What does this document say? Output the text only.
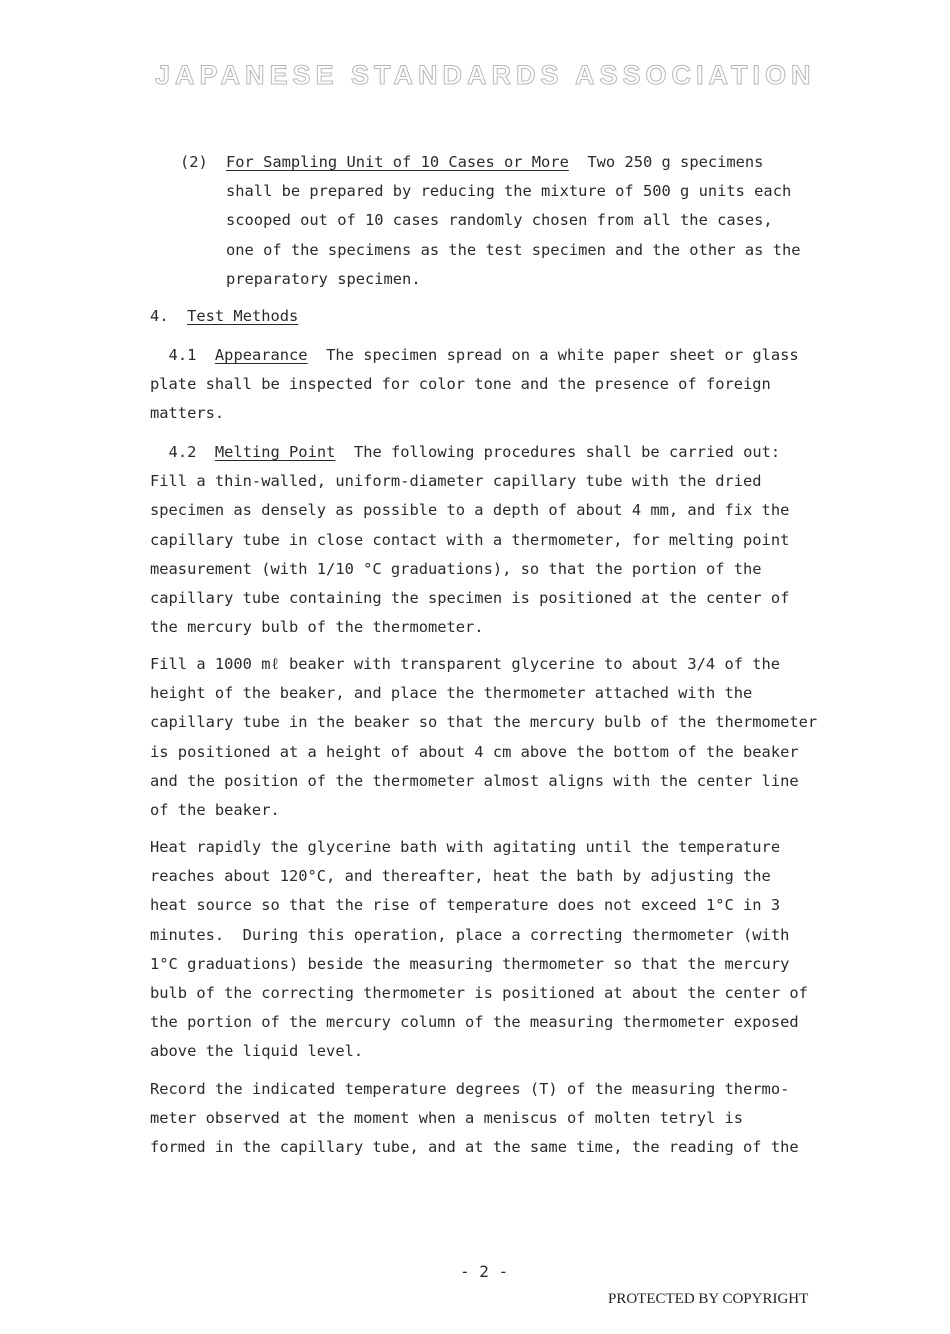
JAPANESE STANDARDS ASSOCIATION
(2) For Sampling Unit of 10 Cases or More Two 250 g specimens
shall be prepared by reducing the mixture of 500 g units each
scooped out of 10 cases randomly chosen from all the cases,
one of the specimens as the test specimen and the other as the
preparatory specimen.
4. Test Methods
4.1 Appearance The specimen spread on a white paper sheet or glass
plate shall be inspected for color tone and the presence of foreign
matters.
4.2 Melting Point The following procedures shall be carried out:
Fill a thin-walled, uniform-diameter capillary tube with the dried
specimen as densely as possible to a depth of about 4 mm, and fix the
capillary tube in close contact with a thermometer, for melting point
measurement (with 1/10 °C graduations), so that the portion of the
capillary tube containing the specimen is positioned at the center of
the mercury bulb of the thermometer.
Fill a 1000 mℓ beaker with transparent glycerine to about 3/4 of the
height of the beaker, and place the thermometer attached with the
capillary tube in the beaker so that the mercury bulb of the thermometer
is positioned at a height of about 4 cm above the bottom of the beaker
and the position of the thermometer almost aligns with the center line
of the beaker.
Heat rapidly the glycerine bath with agitating until the temperature
reaches about 120°C, and thereafter, heat the bath by adjusting the
heat source so that the rise of temperature does not exceed 1°C in 3
minutes.  During this operation, place a correcting thermometer (with
1°C graduations) beside the measuring thermometer so that the mercury
bulb of the correcting thermometer is positioned at about the center of
the portion of the mercury column of the measuring thermometer exposed
above the liquid level.
Record the indicated temperature degrees (T) of the measuring thermo-
meter observed at the moment when a meniscus of molten tetryl is
formed in the capillary tube, and at the same time, the reading of the
- 2 -
PROTECTED BY COPYRIGHT
